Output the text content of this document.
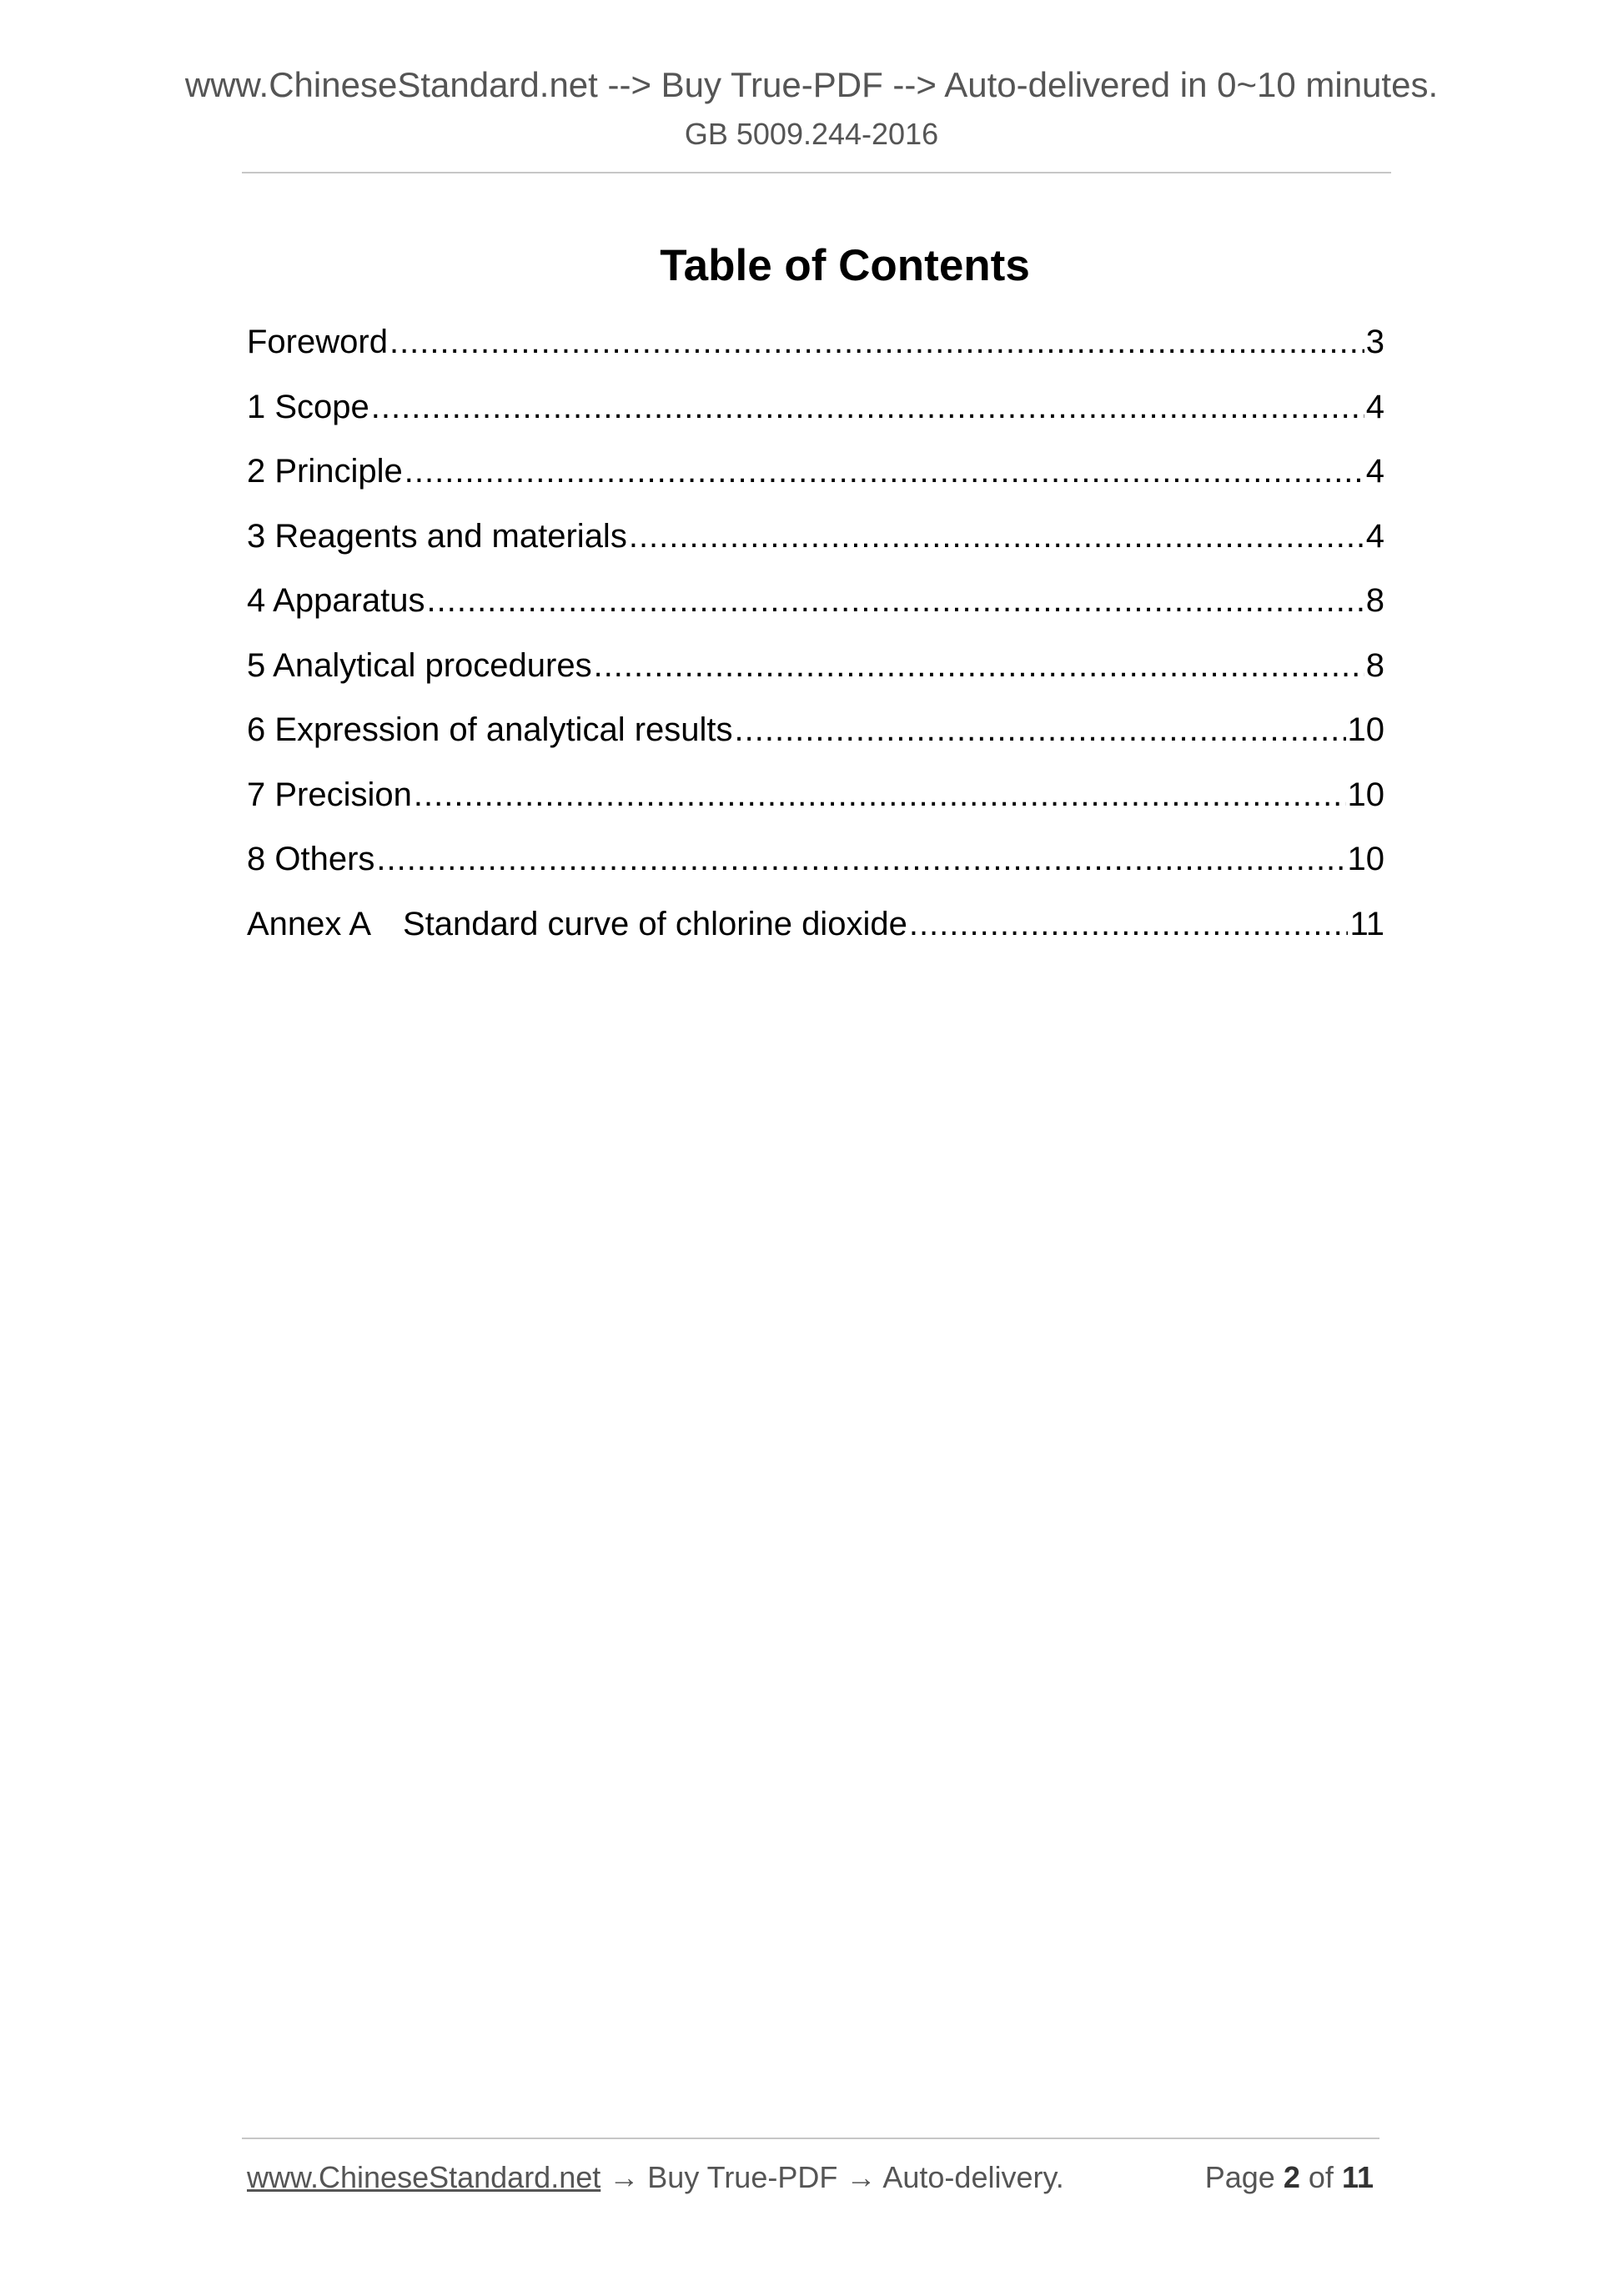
www.ChineseStandard.net --> Buy True-PDF --> Auto-delivered in 0~10 minutes.
GB 5009.244-2016
Table of Contents
Foreword .....	3
1 Scope .....	4
2 Principle .....	4
3 Reagents and materials .....	4
4 Apparatus .....	8
5 Analytical procedures .....	8
6 Expression of analytical results .....	10
7 Precision .....	10
8 Others .....	10
Annex A Standard curve of chlorine dioxide .....	11
www.ChineseStandard.net → Buy True-PDF → Auto-delivery.	Page 2 of 11
